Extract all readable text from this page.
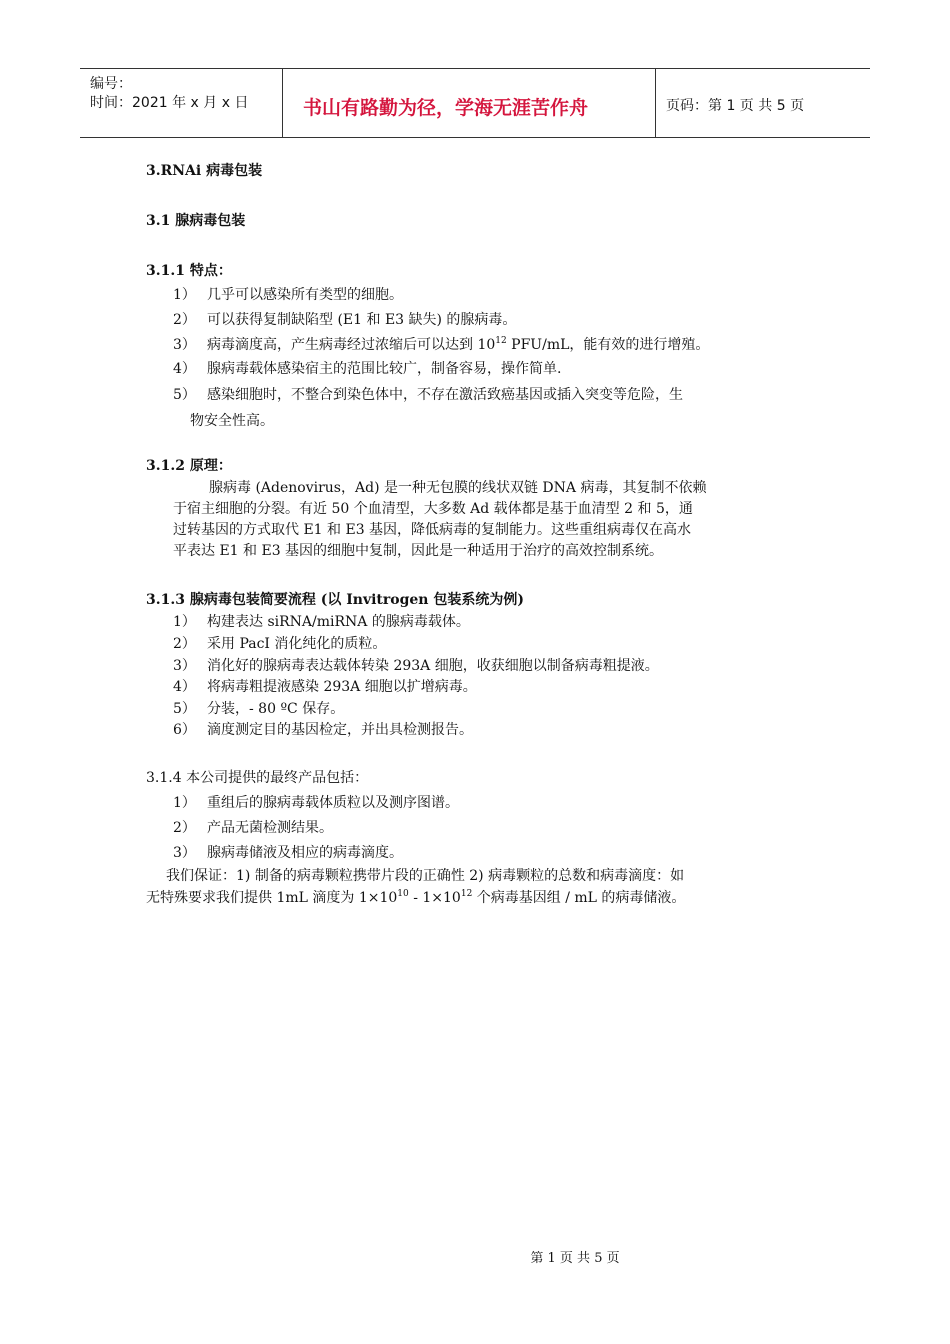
编号：
时间：2021 年 x 月 x 日	书山有路勤为径，学海无涯苦作舟	页码：第 1 页 共 5 页
3.RNAi 病毒包装
3.1 腺病毒包装
3.1.1 特点：
1） 几乎可以感染所有类型的细胞。
2） 可以获得复制缺陷型 (E1 和 E3 缺失) 的腺病毒。
3） 病毒滴度高，产生病毒经过浓缩后可以达到 $10^{12}$ PFU/mL，能有效的进行增殖。
4） 腺病毒载体感染宿主的范围比较广，制备容易，操作简单.
5） 感染细胞时，不整合到染色体中，不存在激活致癌基因或插入突变等危险，生
物安全性高。
3.1.2 原理：
腺病毒 (Adenovirus，Ad) 是一种无包膜的线状双链 DNA 病毒，其复制不依赖
于宿主细胞的分裂。有近 50 个血清型，大多数 Ad 载体都是基于血清型 2 和 5，通
过转基因的方式取代 E1 和 E3 基因，降低病毒的复制能力。这些重组病毒仅在高水
平表达 E1 和 E3 基因的细胞中复制，因此是一种适用于治疗的高效控制系统。
3.1.3 腺病毒包装简要流程 (以 Invitrogen 包装系统为例)
1） 构建表达 siRNA/miRNA 的腺病毒载体。
2） 采用 PacI 消化纯化的质粒。
3） 消化好的腺病毒表达载体转染 293A 细胞，收获细胞以制备病毒粗提液。
4） 将病毒粗提液感染 293A 细胞以扩增病毒。
5） 分装，- 80 ºC 保存。
6） 滴度测定目的基因检定，并出具检测报告。
3.1.4 本公司提供的最终产品包括：
1） 重组后的腺病毒载体质粒以及测序图谱。
2） 产品无菌检测结果。
3） 腺病毒储液及相应的病毒滴度。
我们保证：1) 制备的病毒颗粒携带片段的正确性 2) 病毒颗粒的总数和病毒滴度：如
无特殊要求我们提供 1mL 滴度为 $1\times 10^{10} - 1\times 10^{12}$ 个病毒基因组 / mL 的病毒储液。
第 1 页 共 5 页
